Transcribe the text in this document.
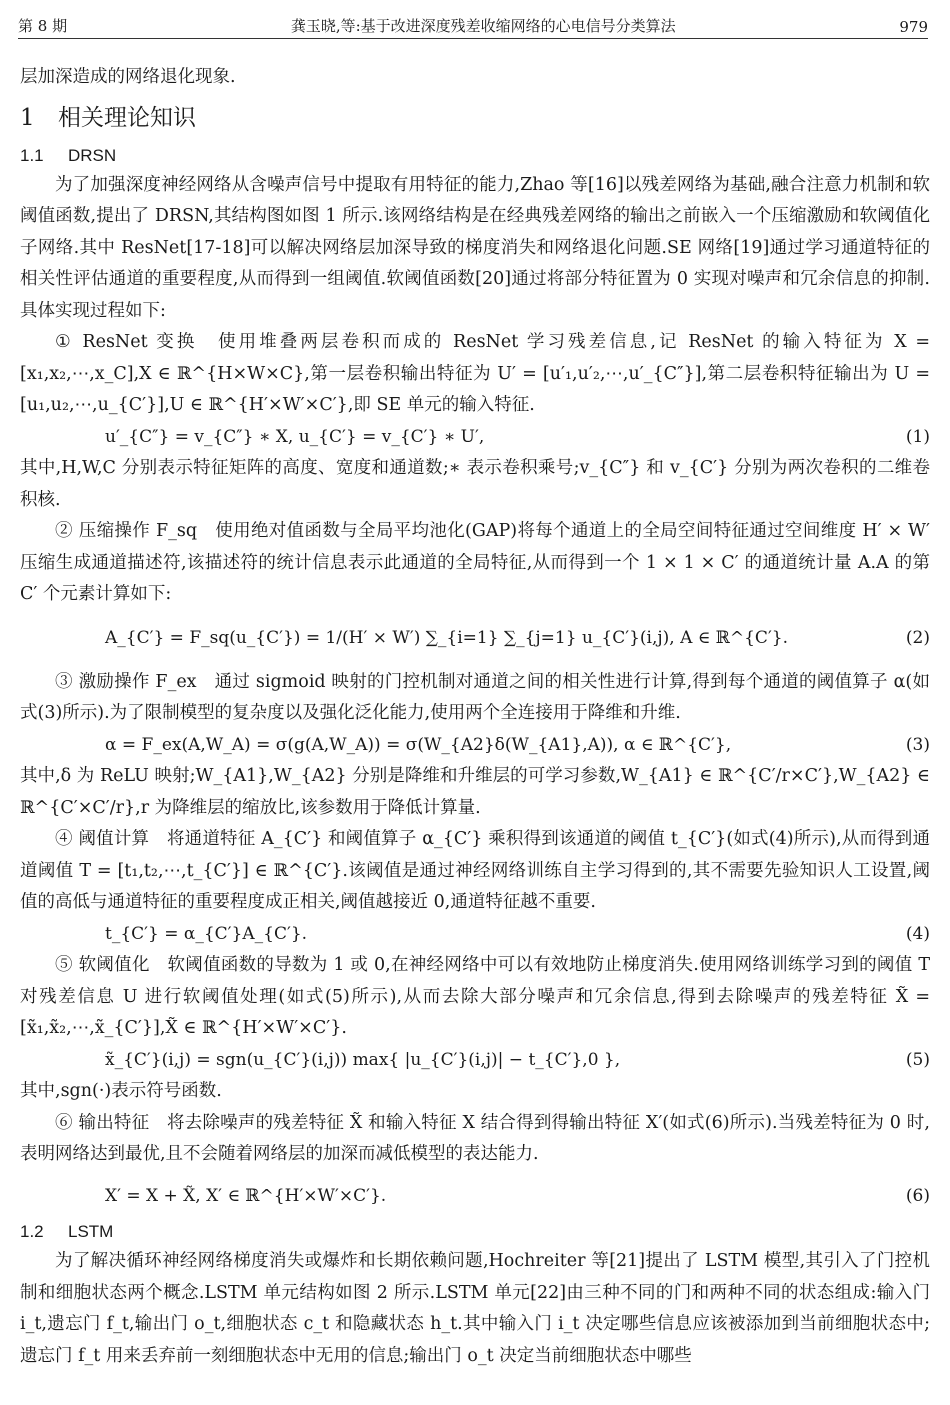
第 8 期	龚玉晓,等:基于改进深度残差收缩网络的心电信号分类算法	979

层加深造成的网络退化现象.

1 相关理论知识
1.1 DRSN

为了加强深度神经网络从含噪声信号中提取有用特征的能力,Zhao 等[16]以残差网络为基础,融合注意力机制和软阈值函数,提出了 DRSN,其结构图如图 1 所示.该网络结构是在经典残差网络的输出之前嵌入一个压缩激励和软阈值化子网络.其中 ResNet[17-18]可以解决网络层加深导致的梯度消失和网络退化问题.SE 网络[19]通过学习通道特征的相关性评估通道的重要程度,从而得到一组阈值.软阈值函数[20]通过将部分特征置为 0 实现对噪声和冗余信息的抑制.具体实现过程如下:

① ResNet 变换　使用堆叠两层卷积而成的 ResNet 学习残差信息,记 ResNet 的输入特征为 X = [x₁,x₂,⋯,x_C],X ∈ ℝ^{H×W×C},第一层卷积输出特征为 U′ = [u′₁,u′₂,⋯,u′_{C″}],第二层卷积特征输出为 U = [u₁,u₂,⋯,u_{C′}],U ∈ ℝ^{H′×W′×C′},即 SE 单元的输入特征.

u′_{C″} = v_{C″} ∗ X, u_{C′} = v_{C′} ∗ U′,	(1)

其中,H,W,C 分别表示特征矩阵的高度、宽度和通道数;∗ 表示卷积乘号;v_{C″} 和 v_{C′} 分别为两次卷积的二维卷积核.

② 压缩操作 F_sq　使用绝对值函数与全局平均池化(GAP)将每个通道上的全局空间特征通过空间维度 H′ × W′ 压缩生成通道描述符,该描述符的统计信息表示此通道的全局特征,从而得到一个 1 × 1 × C′ 的通道统计量 A.A 的第 C′ 个元素计算如下:

A_{C′} = F_sq(u_{C′}) = 1/(H′ × W′) ∑_{i=1} ∑_{j=1} u_{C′}(i,j), A ∈ ℝ^{C′}.	(2)

③ 激励操作 F_ex　通过 sigmoid 映射的门控机制对通道之间的相关性进行计算,得到每个通道的阈值算子 α(如式(3)所示).为了限制模型的复杂度以及强化泛化能力,使用两个全连接用于降维和升维.

α = F_ex(A,W_A) = σ(g(A,W_A)) = σ(W_{A2}δ(W_{A1},A)), α ∈ ℝ^{C′},	(3)

其中,δ 为 ReLU 映射;W_{A1},W_{A2} 分别是降维和升维层的可学习参数,W_{A1} ∈ ℝ^{C′/r×C′},W_{A2} ∈ ℝ^{C′×C′/r},r 为降维层的缩放比,该参数用于降低计算量.

④ 阈值计算　将通道特征 A_{C′} 和阈值算子 α_{C′} 乘积得到该通道的阈值 t_{C′}(如式(4)所示),从而得到通道阈值 T = [t₁,t₂,⋯,t_{C′}] ∈ ℝ^{C′}.该阈值是通过神经网络训练自主学习得到的,其不需要先验知识人工设置,阈值的高低与通道特征的重要程度成正相关,阈值越接近 0,通道特征越不重要.

t_{C′} = α_{C′}A_{C′}.	(4)

⑤ 软阈值化　软阈值函数的导数为 1 或 0,在神经网络中可以有效地防止梯度消失.使用网络训练学习到的阈值 T 对残差信息 U 进行软阈值处理(如式(5)所示),从而去除大部分噪声和冗余信息,得到去除噪声的残差特征 X̃ = [x̃₁,x̃₂,⋯,x̃_{C′}],X̃ ∈ ℝ^{H′×W′×C′}.

x̃_{C′}(i,j) = sgn(u_{C′}(i,j)) max{ |u_{C′}(i,j)| − t_{C′},0 },	(5)

其中,sgn(·)表示符号函数.

⑥ 输出特征　将去除噪声的残差特征 X̃ 和输入特征 X 结合得到得输出特征 X′(如式(6)所示).当残差特征为 0 时,表明网络达到最优,且不会随着网络层的加深而减低模型的表达能力.

X′ = X + X̃, X′ ∈ ℝ^{H′×W′×C′}.	(6)
1.2 LSTM

为了解决循环神经网络梯度消失或爆炸和长期依赖问题,Hochreiter 等[21]提出了 LSTM 模型,其引入了门控机制和细胞状态两个概念.LSTM 单元结构如图 2 所示.LSTM 单元[22]由三种不同的门和两种不同的状态组成:输入门 i_t,遗忘门 f_t,输出门 o_t,细胞状态 c_t 和隐藏状态 h_t.其中输入门 i_t 决定哪些信息应该被添加到当前细胞状态中;遗忘门 f_t 用来丢弃前一刻细胞状态中无用的信息;输出门 o_t 决定当前细胞状态中哪些
